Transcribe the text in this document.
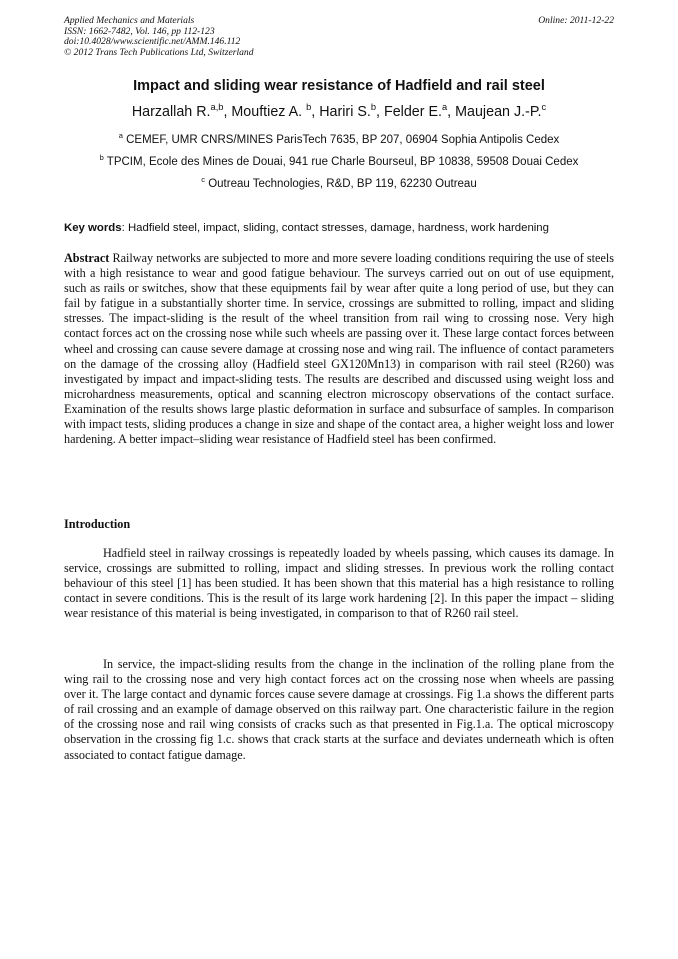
Applied Mechanics and Materials
ISSN: 1662-7482, Vol. 146, pp 112-123
doi:10.4028/www.scientific.net/AMM.146.112
© 2012 Trans Tech Publications Ltd, Switzerland
Online: 2011-12-22
Impact and sliding wear resistance of Hadfield and rail steel
Harzallah R.$^{a,b}$, Mouftiez A. $^b$, Hariri S.$^b$, Felder E.$^a$, Maujean J.-P.$^c$
$^a$ CEMEF, UMR CNRS/MINES ParisTech 7635, BP 207, 06904 Sophia Antipolis Cedex
$^b$ TPCIM, Ecole des Mines de Douai, 941 rue Charle Bourseul, BP 10838, 59508 Douai Cedex
$^c$ Outreau Technologies, R&D, BP 119, 62230 Outreau
Key words: Hadfield steel, impact, sliding, contact stresses, damage, hardness, work hardening
Abstract Railway networks are subjected to more and more severe loading conditions requiring the use of steels with a high resistance to wear and good fatigue behaviour. The surveys carried out on out of use equipment, such as rails or switches, show that these equipments fail by wear after quite a long period of use, but they can fail by fatigue in a substantially shorter time. In service, crossings are submitted to rolling, impact and sliding stresses. The impact-sliding is the result of the wheel transition from rail wing to crossing nose. Very high contact forces act on the crossing nose while such wheels are passing over it. These large contact forces between wheel and crossing can cause severe damage at crossing nose and wing rail. The influence of contact parameters on the damage of the crossing alloy (Hadfield steel GX120Mn13) in comparison with rail steel (R260) was investigated by impact and impact-sliding tests. The results are described and discussed using weight loss and microhardness measurements, optical and scanning electron microscopy observations of the contact surface. Examination of the results shows large plastic deformation in surface and subsurface of samples. In comparison with impact tests, sliding produces a change in size and shape of the contact area, a higher weight loss and lower hardening. A better impact–sliding wear resistance of Hadfield steel has been confirmed.
Introduction
Hadfield steel in railway crossings is repeatedly loaded by wheels passing, which causes its damage. In service, crossings are submitted to rolling, impact and sliding stresses. In previous work the rolling contact behaviour of this steel [1] has been studied. It has been shown that this material has a high resistance to rolling contact in severe conditions. This is the result of its large work hardening [2]. In this paper the impact – sliding wear resistance of this material is being investigated, in comparison to that of R260 rail steel.
In service, the impact-sliding results from the change in the inclination of the rolling plane from the wing rail to the crossing nose and very high contact forces act on the crossing nose when wheels are passing over it. The large contact and dynamic forces cause severe damage at crossings. Fig 1.a shows the different parts of rail crossing and an example of damage observed on this railway part. One characteristic failure in the region of the crossing nose and rail wing consists of cracks such as that presented in Fig.1.a. The optical microscopy observation in the crossing fig 1.c. shows that crack starts at the surface and deviates underneath which is often associated to contact fatigue damage.
